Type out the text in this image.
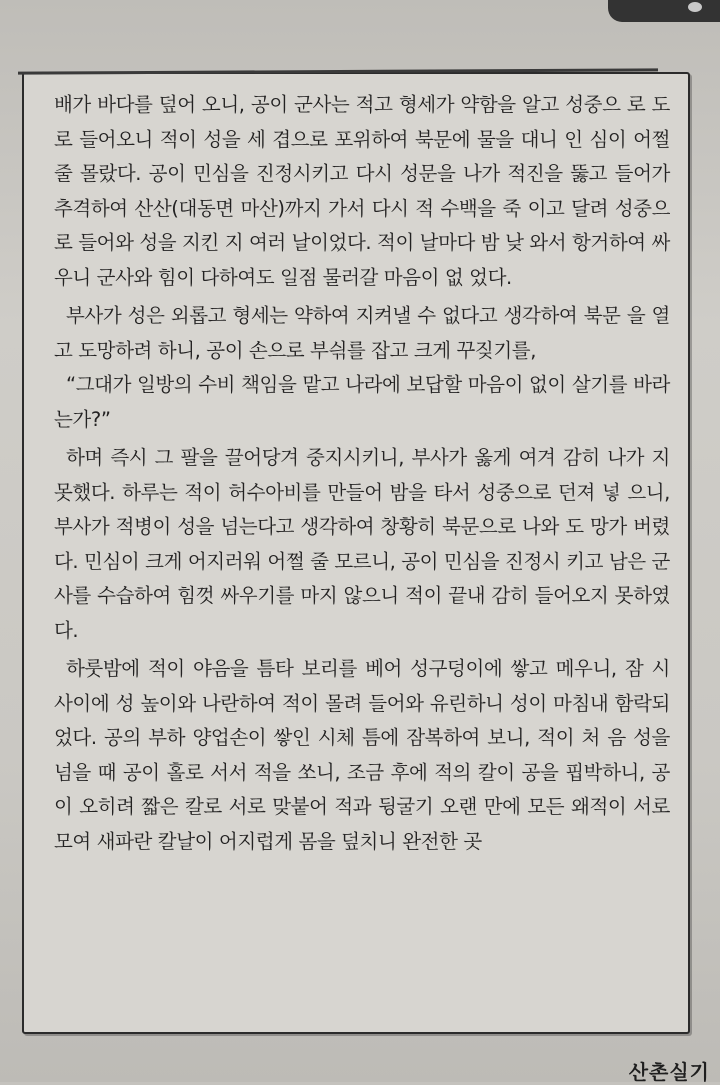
배가 바다를 덮어 오니, 공이 군사는 적고 형세가 약함을 알고 성중으 로 도로 들어오니 적이 성을 세 겹으로 포위하여 북문에 물을 대니 인 심이 어쩔 줄 몰랐다. 공이 민심을 진정시키고 다시 성문을 나가 적진을 뚫고 들어가 추격하여 산산(대동면 마산)까지 가서 다시 적 수백을 죽 이고 달려 성중으로 들어와 성을 지킨 지 여러 날이었다. 적이 날마다 밤 낮 와서 항거하여 싸우니 군사와 힘이 다하여도 일점 물러갈 마음이 없 었다.

부사가 성은 외롭고 형세는 약하여 지켜낼 수 없다고 생각하여 북문 을 열고 도망하려 하니, 공이 손으로 부싂를 잡고 크게 꾸짖기를,

“그대가 일방의 수비 책임을 맡고 나라에 보답할 마음이 없이 살기를 바라는가?”

하며 즉시 그 팔을 끌어당겨 중지시키니, 부사가 옳게 여겨 감히 나가 지 못했다. 하루는 적이 허수아비를 만들어 밤을 타서 성중으로 던져 넣 으니, 부사가 적병이 성을 넘는다고 생각하여 창황히 북문으로 나와 도 망가 버렸다. 민심이 크게 어지러워 어쩔 줄 모르니, 공이 민심을 진정시 키고 남은 군사를 수습하여 힘껏 싸우기를 마지 않으니 적이 끝내 감히 들어오지 못하였다.

하룻밤에 적이 야음을 틈타 보리를 베어 성구덩이에 쌓고 메우니, 잠 시 사이에 성 높이와 나란하여 적이 몰려 들어와 유린하니 성이 마침내 함락되었다. 공의 부하 양업손이 쌓인 시체 틈에 잠복하여 보니, 적이 처 음 성을 넘을 때 공이 홀로 서서 적을 쏘니, 조금 후에 적의 칼이 공을 핍박하니, 공이 오히려 짧은 칼로 서로 맞붙어 적과 뒹굴기 오랜 만에 모든 왜적이 서로 모여 새파란 칼날이 어지럽게 몸을 덮치니 완전한 곳

산촌실기
